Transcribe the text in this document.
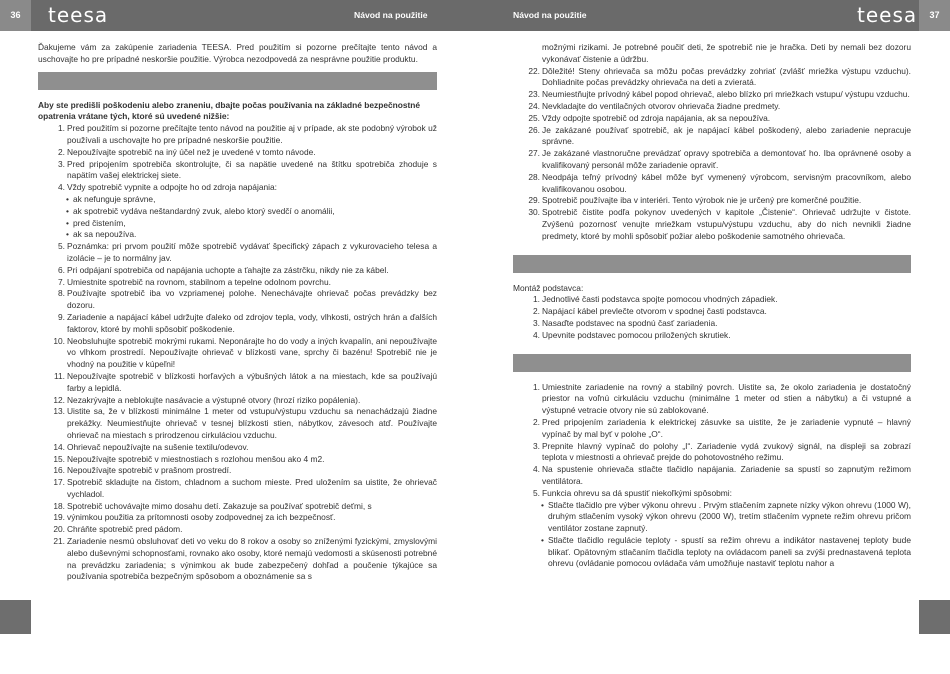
36	teesa	Návod na použitie	Návod na použitie	teesa	37

Ďakujeme vám za zakúpenie zariadenia TEESA. Pred použitím si pozorne prečítajte tento návod a uschovajte ho pre prípadné neskoršie použitie. Výrobca nezodpovedá za nesprávne použitie produktu.

Aby ste predišli poškodeniu alebo zraneniu, dbajte počas používania na základné bezpečnostné opatrenia vrátane tých, ktoré sú uvedené nižšie:

1. Pred použitím si pozorne prečítajte tento návod na použitie aj v prípade, ak ste podobný výrobok už používali a uschovajte ho pre prípadné neskoršie použitie.
2. Nepoužívajte spotrebič na iný účel než je uvedené v tomto návode.
3. Pred pripojením spotrebiča skontrolujte, či sa napätie uvedené na štítku spotrebiča zhoduje s napätím vašej elektrickej siete.
4. Vždy spotrebič vypnite a odpojte ho od zdroja napájania:
• ak nefunguje správne,
• ak spotrebič vydáva neštandardný zvuk, alebo ktorý svedčí o anomálii,
• pred čistením,
• ak sa nepoužíva.
5. Poznámka: pri prvom použití môže spotrebič vydávať špecifický zápach z vykurovacieho telesa a izolácie – je to normálny jav.
6. Pri odpájaní spotrebiča od napájania uchopte a ťahajte za zástrčku, nikdy nie za kábel.
7. Umiestnite spotrebič na rovnom, stabilnom a tepelne odolnom povrchu.
8. Používajte spotrebič iba vo vzpriamenej polohe. Nenechávajte ohrievač počas prevádzky bez dozoru.
9. Zariadenie a napájací kábel udržujte ďaleko od zdrojov tepla, vody, vlhkosti, ostrých hrán a ďalších faktorov, ktoré by mohli spôsobiť poškodenie.
10. Neobsluhujte spotrebič mokrými rukami. Neponárajte ho do vody a iných kvapalín, ani nepoužívajte vo vlhkom prostredí. Nepoužívajte ohrievač v blízkosti vane, sprchy či bazénu! Spotrebič nie je vhodný na použitie v kúpeľni!
11. Nepoužívajte spotrebič v blízkosti horľavých a výbušných látok a na miestach, kde sa používajú farby a lepidlá.
12. Nezakrývajte a neblokujte nasávacie a výstupné otvory (hrozí riziko popálenia).
13. Uistite sa, že v blízkosti minimálne 1 meter od vstupu/výstupu vzduchu sa nenachádzajú žiadne prekážky. Neumiestňujte ohrievač v tesnej blízkosti stien, nábytkov, závesoch atď. Používajte ohrievač na miestach s prirodzenou cirkuláciou vzduchu.
14. Ohrievač nepoužívajte na sušenie textilu/odevov.
15. Nepoužívajte spotrebič v miestnostiach s rozlohou menšou ako 4 m2.
16. Nepoužívajte spotrebič v prašnom prostredí.
17. Spotrebič skladujte na čistom, chladnom a suchom mieste. Pred uložením sa uistite, že ohrievač vychladol.
18. Spotrebič uchovávajte mimo dosahu detí. Zakazuje sa používať spotrebič deťmi, s
19. výnimkou použitia za prítomnosti osoby zodpovednej za ich bezpečnosť.
20. Chráňte spotrebič pred pádom.
21. Zariadenie nesmú obsluhovať deti vo veku do 8 rokov a osoby so zníženými fyzickými, zmyslovými alebo duševnými schopnosťami, rovnako ako osoby, ktoré nemajú vedomosti a skúsenosti potrebné na prevádzku zariadenia; s výnimkou ak bude zabezpečený dohľad a poučenie týkajúce sa používania spotrebiča bezpečným spôsobom a oboznámenie sa s

možnými rizikami. Je potrebné poučiť deti, že spotrebič nie je hračka. Deti by nemali bez dozoru vykonávať čistenie a údržbu.

22. Dôležité! Steny ohrievača sa môžu počas prevádzky zohriať (zvlášť mriežka výstupu vzduchu). Dohliadnite počas prevádzky ohrievača na deti a zvieratá.
23. Neumiestňujte prívodný kábel popod ohrievač, alebo blízko pri mriežkach vstupu/ výstupu vzduchu.
24. Nevkladajte do ventilačných otvorov ohrievača žiadne predmety.
25. Vždy odpojte spotrebič od zdroja napájania, ak sa nepoužíva.
26. Je zakázané používať spotrebič, ak je napájací kábel poškodený, alebo zariadenie nepracuje správne.
27. Je zakázané vlastnoručne prevádzať opravy spotrebiča a demontovať ho. Iba oprávnené osoby a kvalifikovaný personál môže zariadenie opraviť.
28. Neodpája teľný prívodný kábel môže byť vymenený výrobcom, servisným pracovníkom, alebo kvalifikovanou osobou.
29. Spotrebič používajte iba v interiéri. Tento výrobok nie je určený pre komerčné použitie.
30. Spotrebič čistite podľa pokynov uvedených v kapitole „Čistenie“. Ohrievač udržujte v čistote. Zvýšenú pozornosť venujte mriežkam vstupu/výstupu vzduchu, aby do nich nevnikli žiadne predmety, ktoré by mohli spôsobiť požiar alebo poškodenie samotného ohrievača.

Montáž podstavca:

1. Jednotlivé časti podstavca spojte pomocou vhodných západiek.
2. Napájací kábel prevlečte otvorom v spodnej časti podstavca.
3. Nasaďte podstavec na spodnú časť zariadenia.
4. Upevnite podstavec pomocou priložených skrutiek.
1. Umiestnite zariadenie na rovný a stabilný povrch. Uistite sa, že okolo zariadenia je dostatočný priestor na voľnú cirkuláciu vzduchu (minimálne 1 meter od stien a nábytku) a či vstupné a výstupné vetracie otvory nie sú zablokované.
2. Pred pripojením zariadenia k elektrickej zásuvke sa uistite, že je zariadenie vypnuté – hlavný vypínač by mal byť v polohe „O“.
3. Prepnite hlavný vypínač do polohy „I“. Zariadenie vydá zvukový signál, na displeji sa zobrazí teplota v miestnosti a ohrievač prejde do pohotovostného režimu.
4. Na spustenie ohrievača stlačte tlačidlo napájania. Zariadenie sa spustí so zapnutým režimom ventilátora.
5. Funkcia ohrevu sa dá spustiť niekoľkými spôsobmi:
• Stlačte tlačidlo pre výber výkonu ohrevu . Prvým stlačením zapnete nízky výkon ohrevu (1000 W), druhým stlačením vysoký výkon ohrevu (2000 W), tretím stlačením vypnete režim ohrevu pričom ventilátor zostane zapnutý.
• Stlačte tlačidlo regulácie teploty - spustí sa režim ohrevu a indikátor nastavenej teploty bude blikať. Opätovným stlačaním tlačidla teploty na ovládacom paneli sa zvýši prednastavená teplota ohrevu (ovládanie pomocou ovládača vám umožňuje nastaviť teplotu nahor a
